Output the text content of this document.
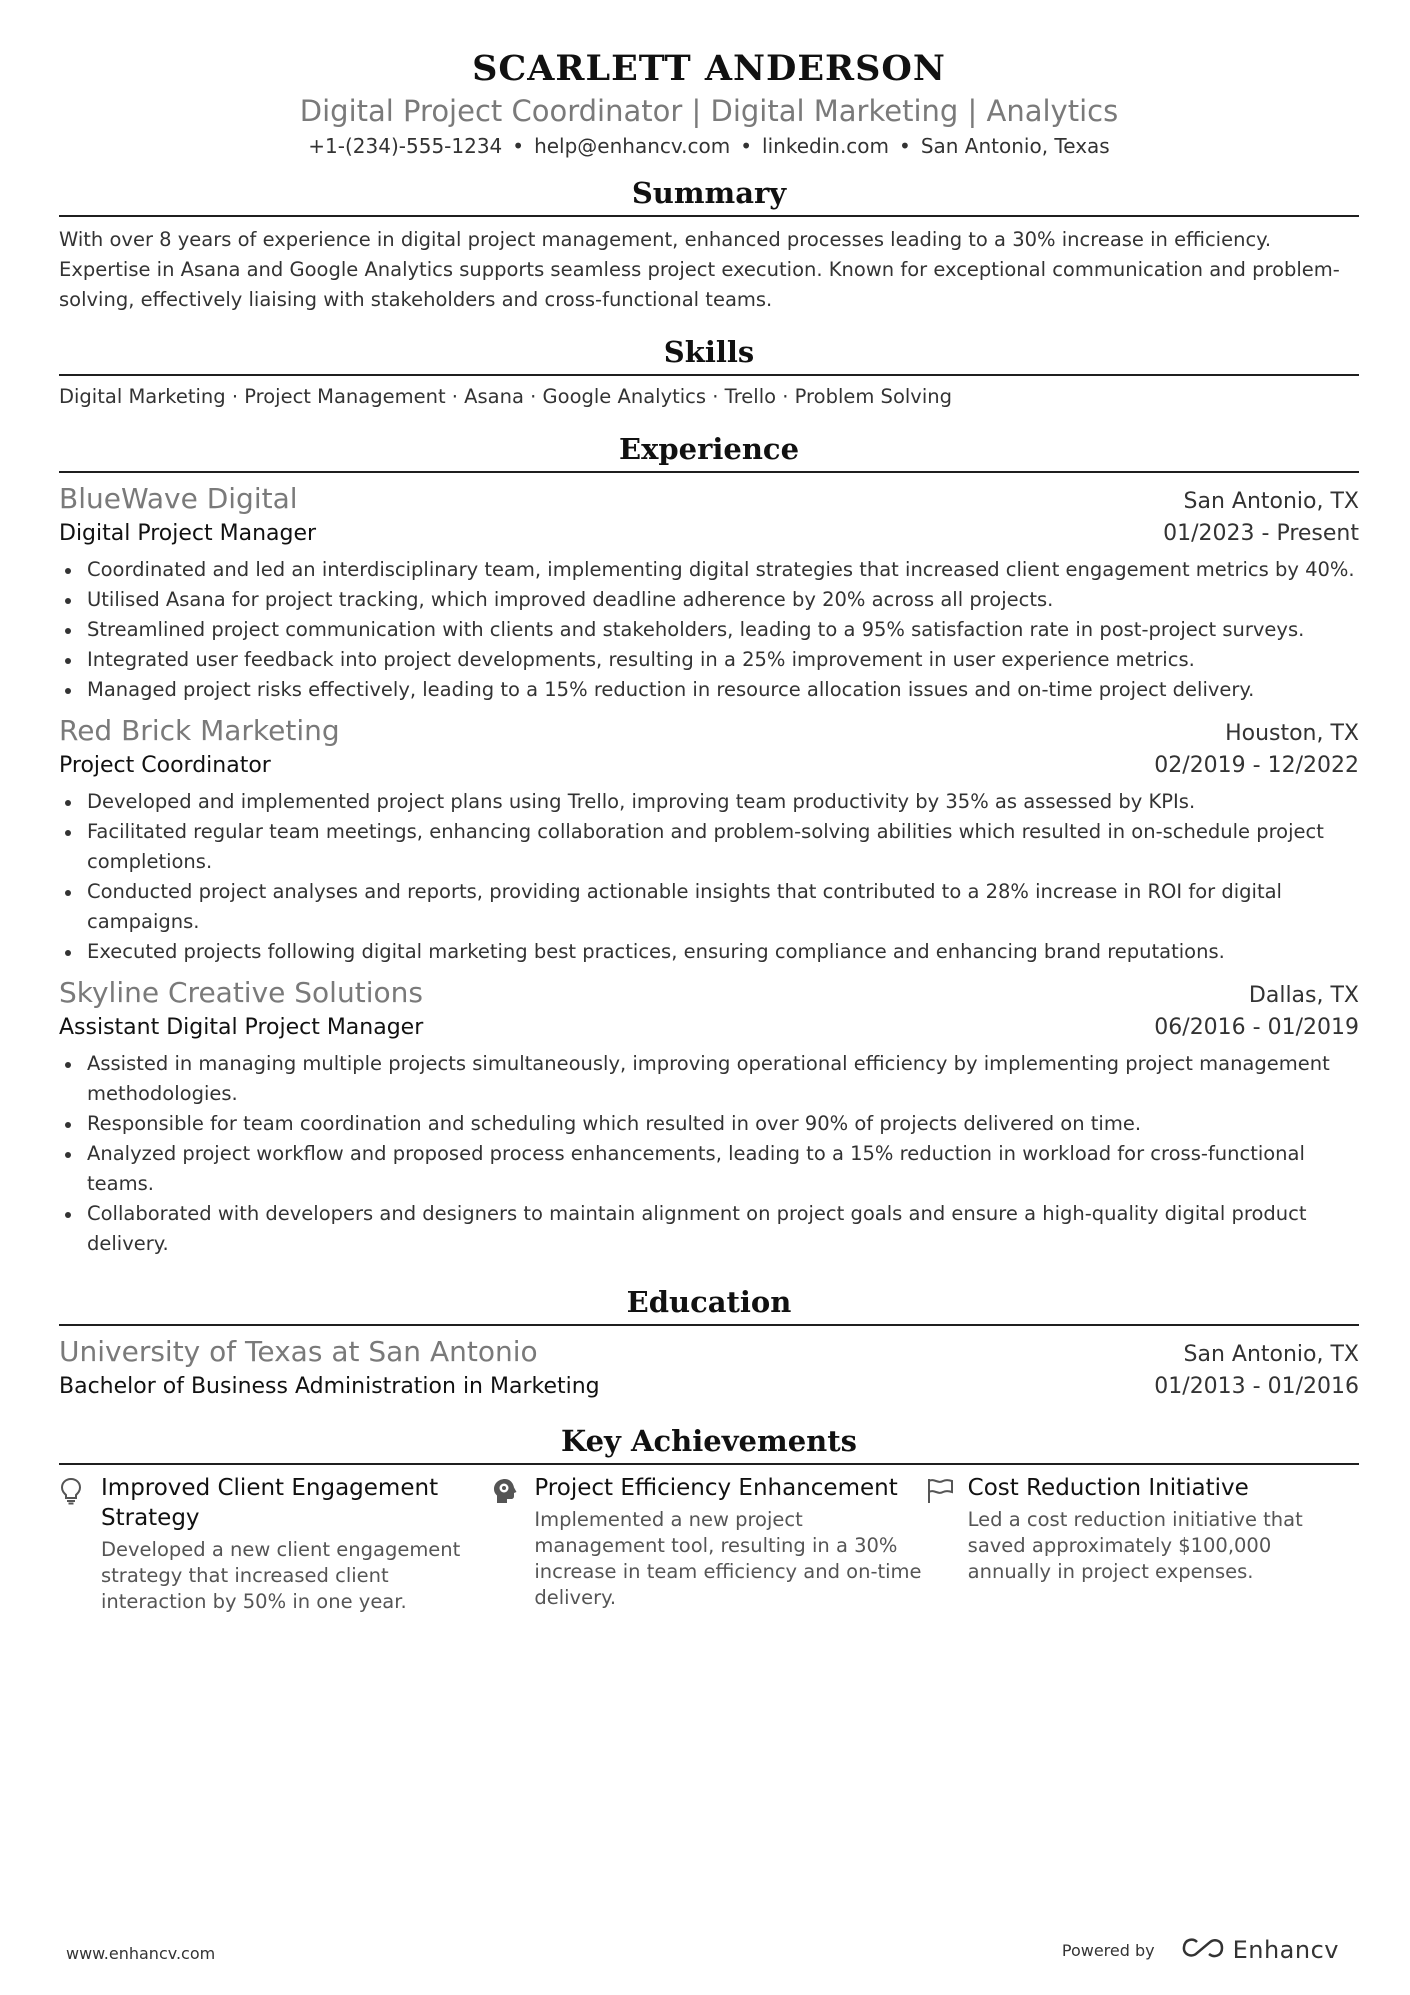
SCARLETT ANDERSON
Digital Project Coordinator | Digital Marketing | Analytics
+1-(234)-555-1234 • help@enhancv.com • linkedin.com • San Antonio, Texas
Summary
With over 8 years of experience in digital project management, enhanced processes leading to a 30% increase in efficiency. Expertise in Asana and Google Analytics supports seamless project execution. Known for exceptional communication and problem-solving, effectively liaising with stakeholders and cross-functional teams.
Skills
Digital Marketing · Project Management · Asana · Google Analytics · Trello · Problem Solving
Experience
BlueWave Digital	San Antonio, TX
Digital Project Manager	01/2023 - Present
Coordinated and led an interdisciplinary team, implementing digital strategies that increased client engagement metrics by 40%.
Utilised Asana for project tracking, which improved deadline adherence by 20% across all projects.
Streamlined project communication with clients and stakeholders, leading to a 95% satisfaction rate in post-project surveys.
Integrated user feedback into project developments, resulting in a 25% improvement in user experience metrics.
Managed project risks effectively, leading to a 15% reduction in resource allocation issues and on-time project delivery.
Red Brick Marketing	Houston, TX
Project Coordinator	02/2019 - 12/2022
Developed and implemented project plans using Trello, improving team productivity by 35% as assessed by KPIs.
Facilitated regular team meetings, enhancing collaboration and problem-solving abilities which resulted in on-schedule project completions.
Conducted project analyses and reports, providing actionable insights that contributed to a 28% increase in ROI for digital campaigns.
Executed projects following digital marketing best practices, ensuring compliance and enhancing brand reputations.
Skyline Creative Solutions	Dallas, TX
Assistant Digital Project Manager	06/2016 - 01/2019
Assisted in managing multiple projects simultaneously, improving operational efficiency by implementing project management methodologies.
Responsible for team coordination and scheduling which resulted in over 90% of projects delivered on time.
Analyzed project workflow and proposed process enhancements, leading to a 15% reduction in workload for cross-functional teams.
Collaborated with developers and designers to maintain alignment on project goals and ensure a high-quality digital product delivery.
Education
University of Texas at San Antonio	San Antonio, TX
Bachelor of Business Administration in Marketing	01/2013 - 01/2016
Key Achievements
Improved Client Engagement Strategy
Developed a new client engagement strategy that increased client interaction by 50% in one year.
Project Efficiency Enhancement
Implemented a new project management tool, resulting in a 30% increase in team efficiency and on-time delivery.
Cost Reduction Initiative
Led a cost reduction initiative that saved approximately $100,000 annually in project expenses.
www.enhancv.com	Powered by	Enhancv
